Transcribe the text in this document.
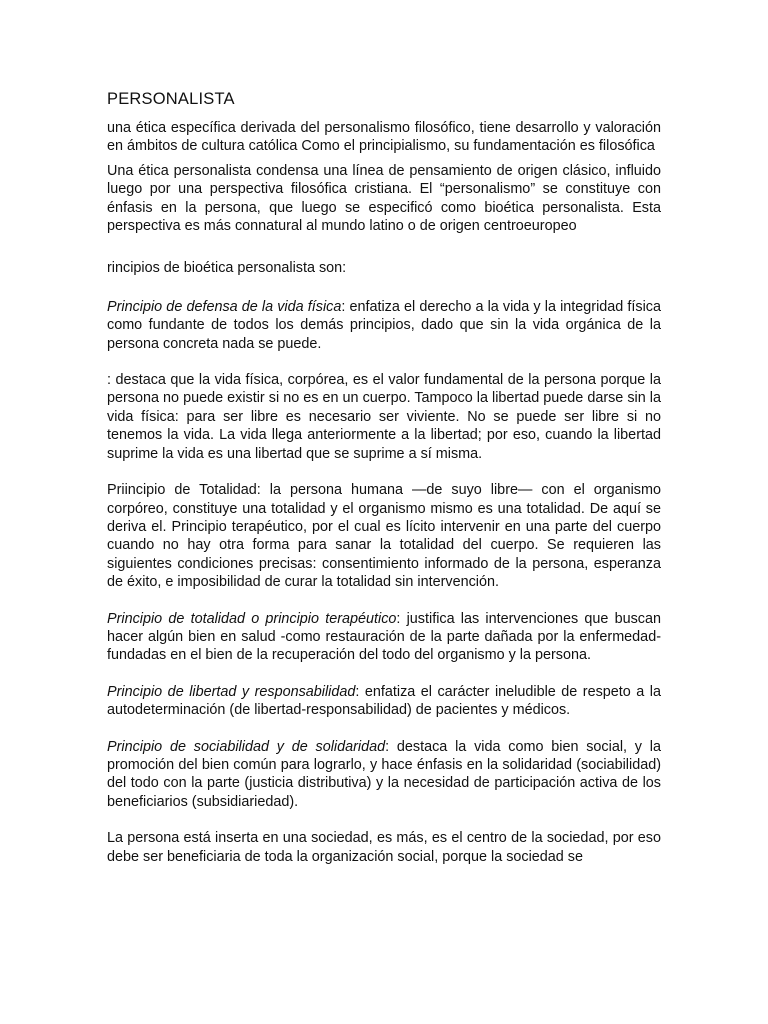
PERSONALISTA

una ética específica derivada del personalismo filosófico, tiene desarrollo y valoración en ámbitos de cultura católica Como el principialismo, su fundamentación es filosófica

Una ética personalista condensa una línea de pensamiento de origen clásico, influido luego por una perspectiva filosófica cristiana. El “personalismo” se constituye con énfasis en la persona, que luego se especificó como bioética personalista. Esta perspectiva es más connatural al mundo latino o de origen centroeuropeo

rincipios de bioética personalista son:

Principio de defensa de la vida física: enfatiza el derecho a la vida y la integridad física como fundante de todos los demás principios, dado que sin la vida orgánica de la persona concreta nada se puede.

: destaca que la vida física, corpórea, es el valor fundamental de la persona porque la persona no puede existir si no es en un cuerpo. Tampoco la libertad puede darse sin la vida física: para ser libre es necesario ser viviente. No se puede ser libre si no tenemos la vida. La vida llega anteriormente a la libertad; por eso, cuando la libertad suprime la vida es una libertad que se suprime a sí misma.

Priincipio de Totalidad: la persona humana —de suyo libre— con el organismo corpóreo, constituye una totalidad y el organismo mismo es una totalidad. De aquí se deriva el. Principio terapéutico, por el cual es lícito intervenir en una parte del cuerpo cuando no hay otra forma para sanar la totalidad del cuerpo. Se requieren las siguientes condiciones precisas: consentimiento informado de la persona, esperanza de éxito, e imposibilidad de curar la totalidad sin intervención.

Principio de totalidad o principio terapéutico: justifica las intervenciones que buscan hacer algún bien en salud -como restauración de la parte dañada por la enfermedad- fundadas en el bien de la recuperación del todo del organismo y la persona.

Principio de libertad y responsabilidad: enfatiza el carácter ineludible de respeto a la autodeterminación (de libertad-responsabilidad) de pacientes y médicos.

Principio de sociabilidad y de solidaridad: destaca la vida como bien social, y la promoción del bien común para lograrlo, y hace énfasis en la solidaridad (sociabilidad) del todo con la parte (justicia distributiva) y la necesidad de participación activa de los beneficiarios (subsidiariedad).

La persona está inserta en una sociedad, es más, es el centro de la sociedad, por eso debe ser beneficiaria de toda la organización social, porque la sociedad se
